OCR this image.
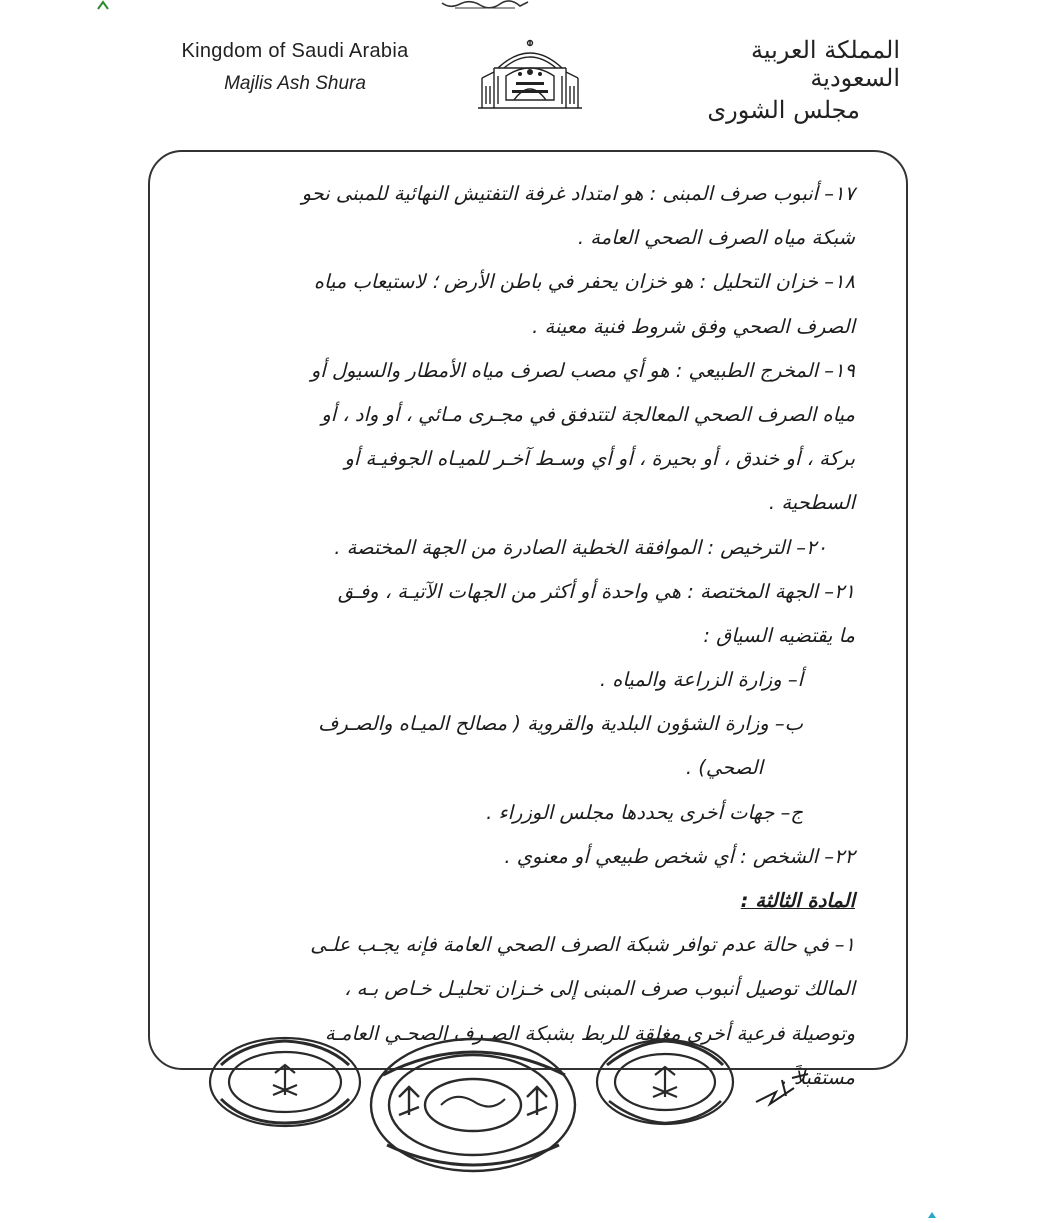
Kingdom of Saudi Arabia
Majlis Ash Shura
المملكة العربية السعودية
مجلس الشورى
١٧– أنبوب صرف المبنى : هو امتداد غرفة التفتيش النهائية للمبنى نحو
شبكة مياه الصرف الصحي العامة .
١٨– خزان التحليل : هو خزان يحفر في باطن الأرض ؛ لاستيعاب مياه
الصرف الصحي وفق شروط فنية معينة .
١٩– المخرج الطبيعي : هو أي مصب لصرف مياه الأمطار والسيول أو
مياه الصرف الصحي المعالجة لتتدفق في مجـرى مـائي ، أو واد ، أو
بركة ، أو خندق ، أو بحيرة ، أو أي وسـط آخـر للميـاه الجوفيـة أو
السطحية .
٢٠– الترخيص : الموافقة الخطية الصادرة من الجهة المختصة .
٢١– الجهة المختصة : هي واحدة أو أكثر من الجهات الآتيـة ، وفـق
ما يقتضيه السياق :
أ– وزارة الزراعة والمياه .
ب– وزارة الشؤون البلدية والقروية ( مصالح الميـاه والصـرف
الصحي) .
ج– جهات أخرى يحددها مجلس الوزراء .
٢٢– الشخص : أي شخص طبيعي أو معنوي .
المادة الثالثة :
١– في حالة عدم توافر شبكة الصرف الصحي العامة فإنه يجـب علـى
المالك توصيل أنبوب صرف المبنى إلى خـزان تحليـل خـاص بـه ،
وتوصيلة فرعية أخرى مغلقة للربط بشبكة الصـرف الصحـي العامـة
مستقبلاً .
